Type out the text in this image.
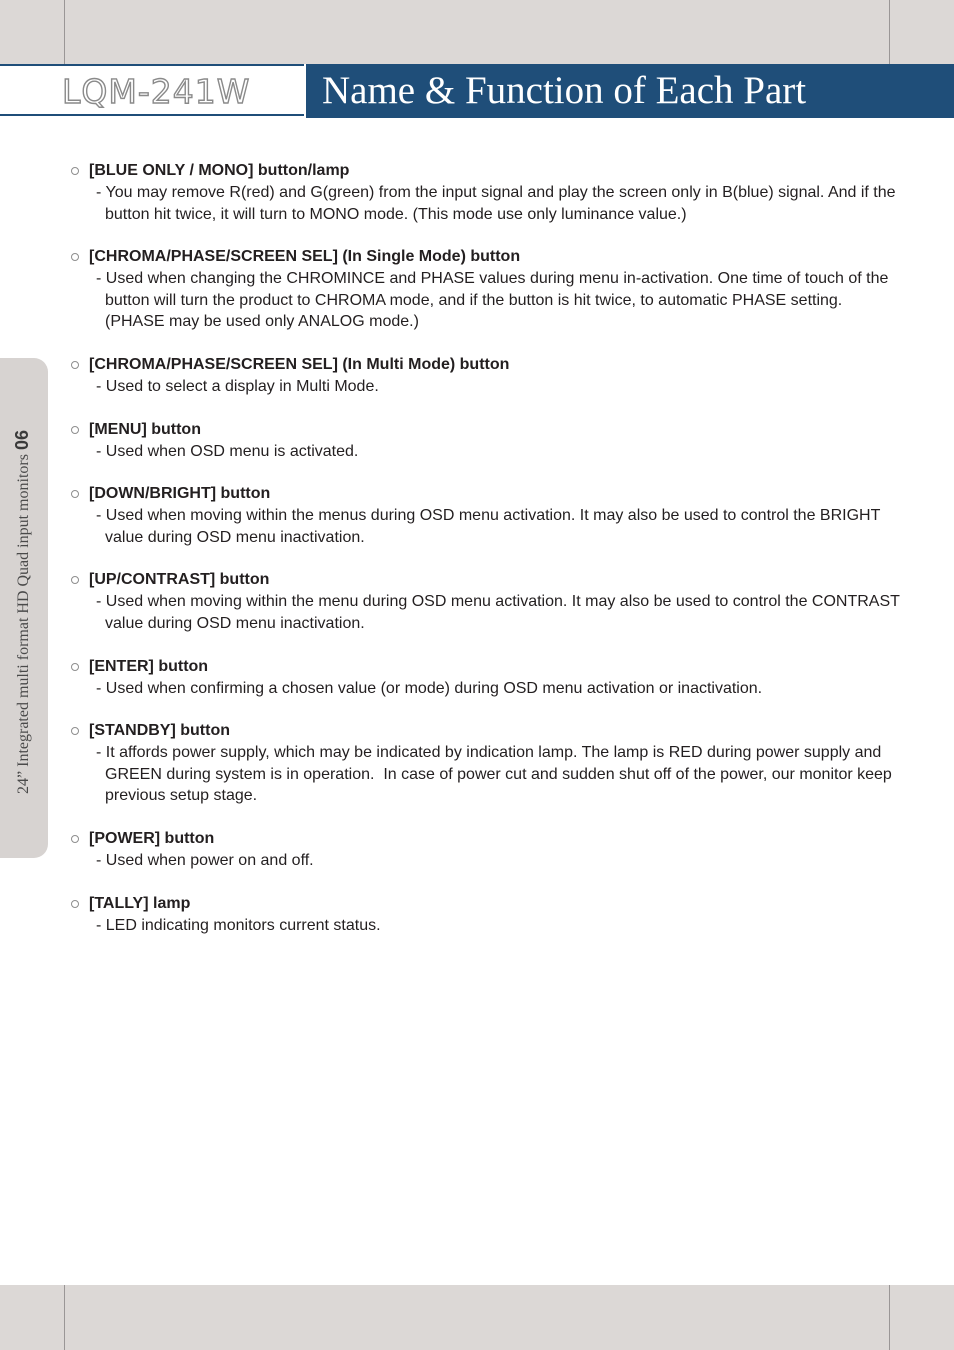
LQM-241W Name & Function of Each Part
24” Integrated multi format HD Quad input monitors 06
[BLUE ONLY / MONO] button/lamp
- You may remove R(red) and G(green) from the input signal and play the screen only in B(blue) signal. And if the button hit twice, it will turn to MONO mode. (This mode use only luminance value.)
[CHROMA/PHASE/SCREEN SEL] (In Single Mode) button
- Used when changing the CHROMINCE and PHASE values during menu in-activation. One time of touch of the button will turn the product to CHROMA mode, and if the button is hit twice, to automatic PHASE setting.
(PHASE may be used only ANALOG mode.)
[CHROMA/PHASE/SCREEN SEL] (In Multi Mode) button
- Used to select a display in Multi Mode.
[MENU] button
- Used when OSD menu is activated.
[DOWN/BRIGHT] button
- Used when moving within the menus during OSD menu activation. It may also be used to control the BRIGHT value during OSD menu inactivation.
[UP/CONTRAST] button
- Used when moving within the menu during OSD menu activation. It may also be used to control the CONTRAST value during OSD menu inactivation.
[ENTER] button
- Used when confirming a chosen value (or mode) during OSD menu activation or inactivation.
[STANDBY] button
- It affords power supply, which may be indicated by indication lamp. The lamp is RED during power supply and GREEN during system is in operation.  In case of power cut and sudden shut off of the power, our monitor keep previous setup stage.
[POWER] button
- Used when power on and off.
[TALLY] lamp
- LED indicating monitors current status.
